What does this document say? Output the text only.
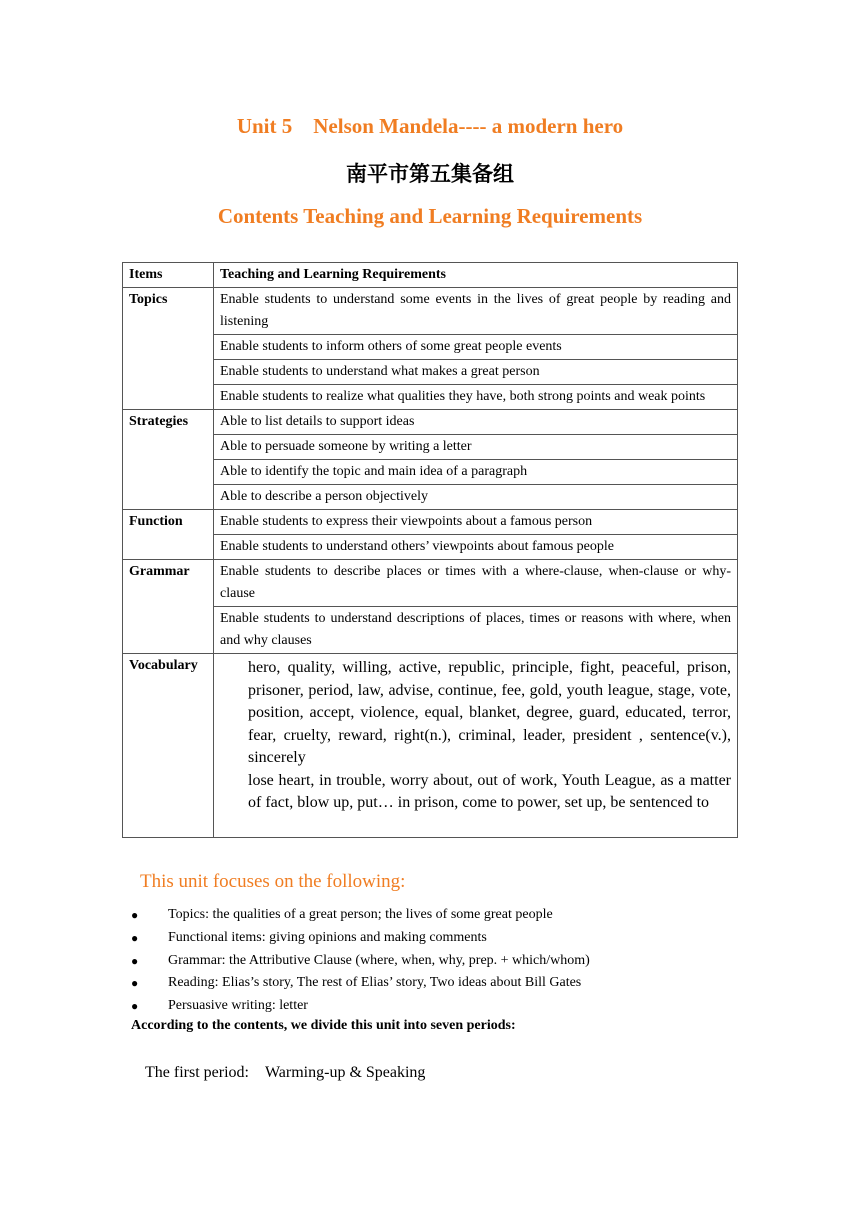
Unit 5    Nelson Mandela---- a modern hero
南平市第五集备组
Contents Teaching and Learning Requirements
Items	Teaching and Learning Requirements
Topics	Enable students to understand some events in the lives of great people by reading and listening
	Enable students to inform others of some great people events
	Enable students to understand what makes a great person
	Enable students to realize what qualities they have, both strong points and weak points
Strategies	Able to list details to support ideas
	Able to persuade someone by writing a letter
	Able to identify the topic and main idea of a paragraph
	Able to describe a person objectively
Function	Enable students to express their viewpoints about a famous person
	Enable students to understand others’ viewpoints about famous people
Grammar	Enable students to describe places or times with a where-clause, when-clause or why-clause
	Enable students to understand descriptions of places, times or reasons with where, when and why clauses
Vocabulary	hero, quality, willing, active, republic, principle, fight, peaceful, prison, prisoner, period, law, advise, continue, fee, gold, youth league, stage, vote, position, accept, violence, equal, blanket, degree, guard, educated, terror, fear, cruelty, reward, right(n.), criminal, leader, president , sentence(v.), sincerely

lose heart, in trouble, worry about, out of work, Youth League, as a matter of fact, blow up, put… in prison, come to power, set up, be sentenced to

This unit focuses on the following:
● Topics: the qualities of a great person; the lives of some great people
● Functional items: giving opinions and making comments
● Grammar: the Attributive Clause (where, when, why, prep. + which/whom)
● Reading: Elias’s story, The rest of Elias’ story, Two ideas about Bill Gates
● Persuasive writing: letter
According to the contents, we divide this unit into seven periods:
The first period:    Warming-up & Speaking
